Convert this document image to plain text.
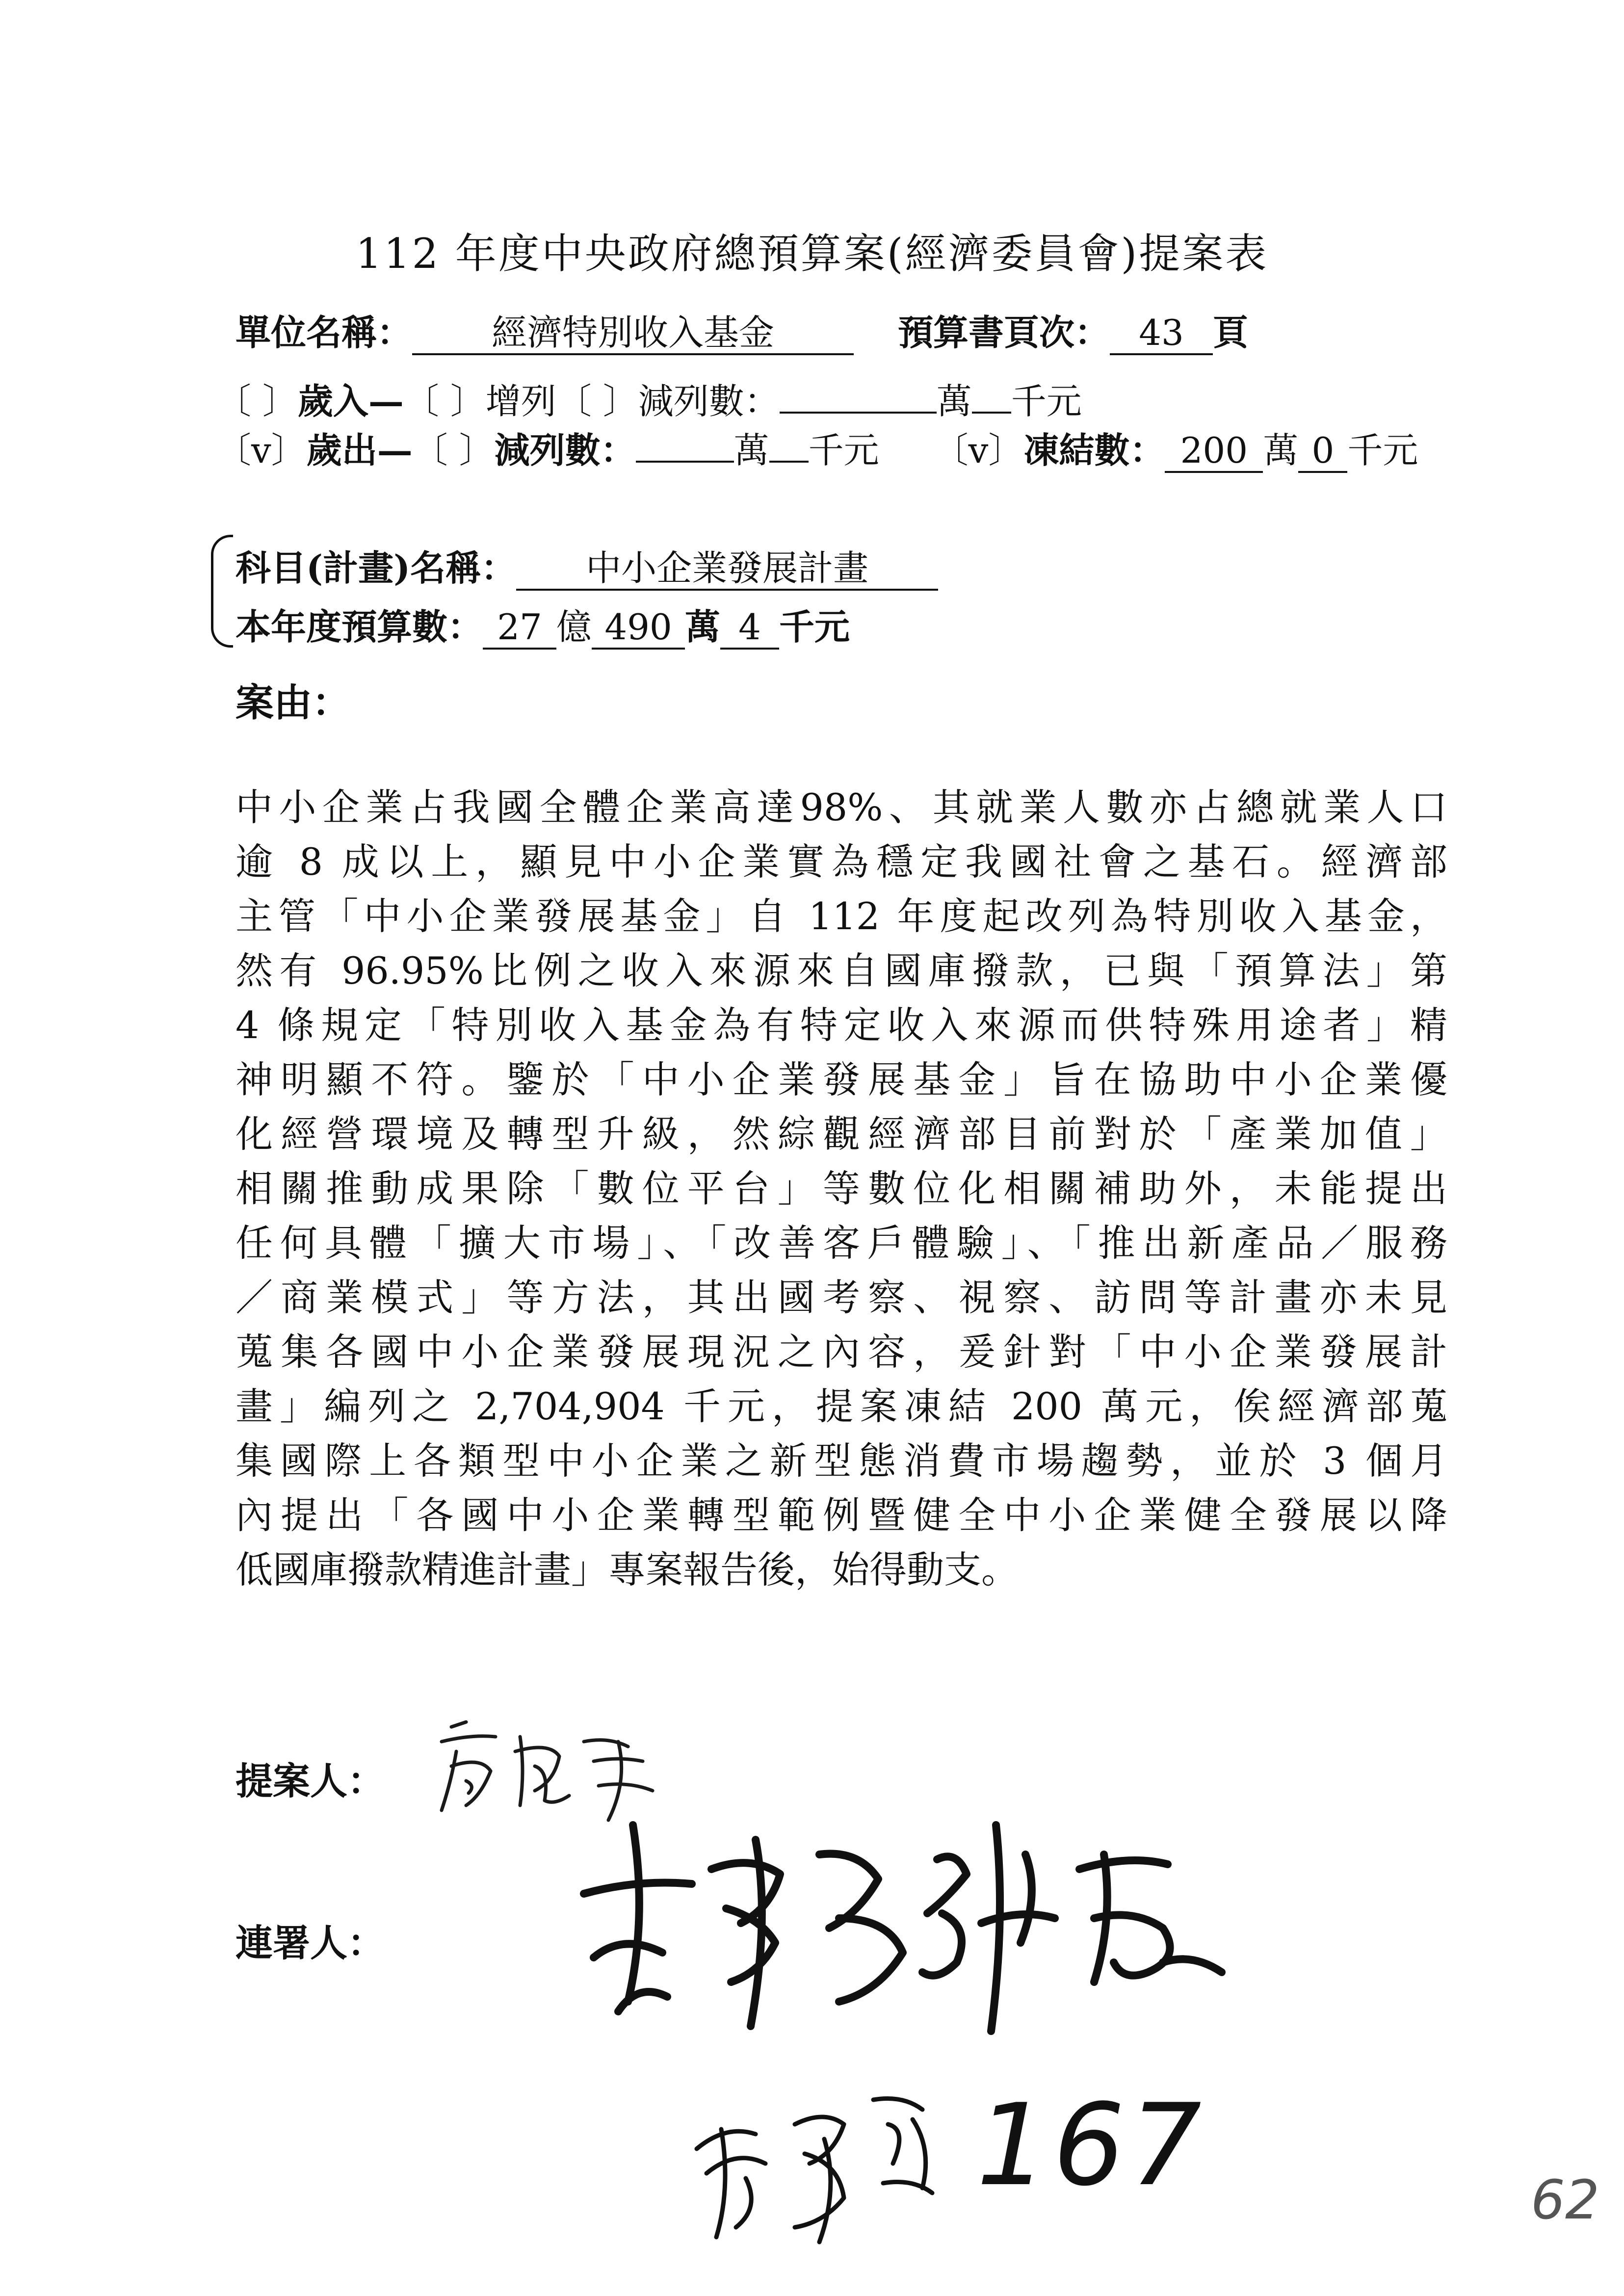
112 年度中央政府總預算案(經濟委員會)提案表
單位名稱： 經濟特別收入基金	預算書頁次： 43 頁
〔 〕歲入—〔 〕增列〔 〕減列數：	萬 千元
〔v〕歲出—〔 〕減列數：	萬 千元 〔v〕凍結數： 200 萬 0 千元
科目(計畫)名稱： 中小企業發展計畫
本年度預算數： 27 億 490 萬 4 千元
案由：
中小企業占我國全體企業高達98%、其就業人數亦占總就業人口
逾 8 成以上，顯見中小企業實為穩定我國社會之基石。經濟部
主管「中小企業發展基金」自 112 年度起改列為特別收入基金，
然有 96.95%比例之收入來源來自國庫撥款，已與「預算法」第
4 條規定「特別收入基金為有特定收入來源而供特殊用途者」精
神明顯不符。鑒於「中小企業發展基金」旨在協助中小企業優
化經營環境及轉型升級，然綜觀經濟部目前對於「產業加值」
相關推動成果除「數位平台」等數位化相關補助外，未能提出
任何具體「擴大市場」、「改善客戶體驗」、「推出新產品／服務
／商業模式」等方法，其出國考察、視察、訪問等計畫亦未見
蒐集各國中小企業發展現況之內容，爰針對「中小企業發展計
畫」編列之 2,704,904 千元，提案凍結 200 萬元，俟經濟部蒐
集國際上各類型中小企業之新型態消費市場趨勢，並於 3 個月
內提出「各國中小企業轉型範例暨健全中小企業健全發展以降
低國庫撥款精進計畫」專案報告後，始得動支。
提案人：
連署人：
167	62
